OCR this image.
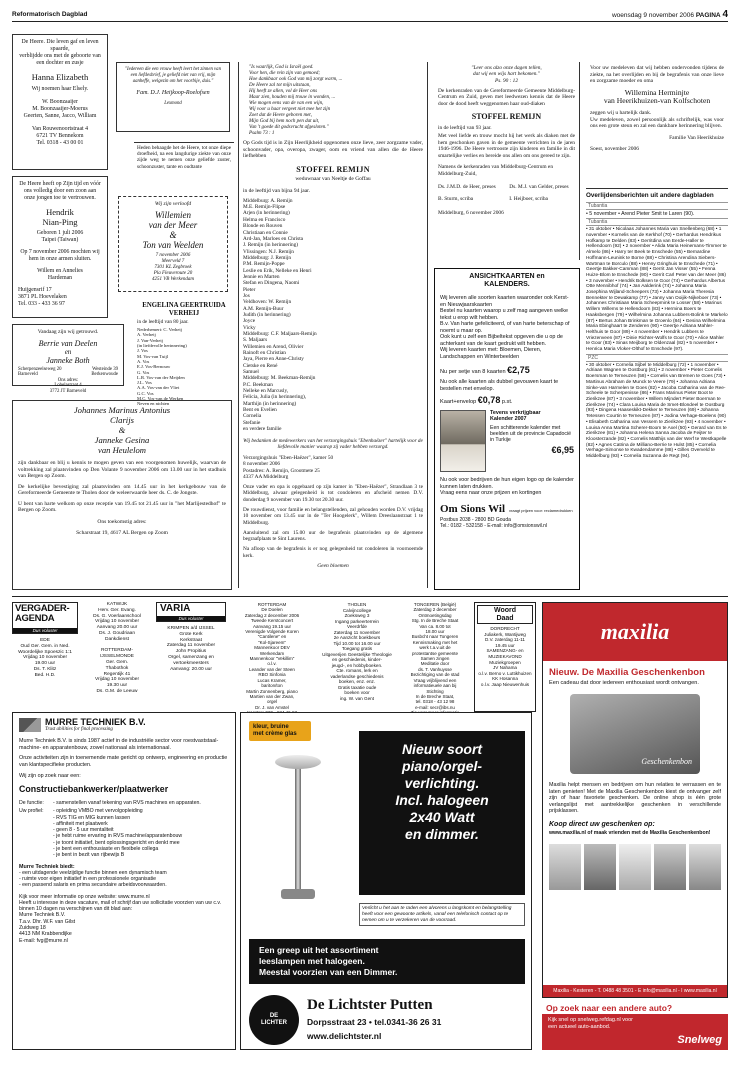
Reformatorisch Dagblad	woensdag 9 november 2006 PAGINA 4
De Heere. Die leven gaf en leven spaarde,
verblijdde ons met de geboorte van
een dochter en zusje
Hanna Elizabeth
Wij noemen haar Elsely.
W. Boonzaaijer
M. Boonzaaijer-Moerus
Geerten, Sanne, Jacco, William
Van Rouwenoortstraat 4
6721 TV Bennekom
Tel. 0318 - 43 00 01
"Iedereen die een vrouw heeft leert het zinnen van een liefdesbrief, je geliefd niet van vrij, mijn aanheffe, welgezin om het voorbije, duis."
Fam. D.J. Heijkoop-Roelofsen
Lexmond
"Is waarlijk, God is Israël goed.
Voor hen, die rein zijn van gemoed;
Hoe dankbaar ook God van mij zorgt warm, ...
De Heere zal tot mijn uitstaan,
Hij heeft ze allen, vol de Heer ons
Maar zien, houden mij trouw in wonden, ...
Wie mogen eens van de van een wijn,
Wij voor u haar vergeet niet mee het zijn
Zoet dat de Heere geboren met,
Mijn God bij hem noch pen dat uit,
Van 't goede dit godsvrucht afgesloten."
Psalm 73 : 1
Op Gods tijd is in Zijn Heerlijkheid opgenomen onze lieve, zeer zorgzame vader, schoonvader, opa, overopa, zwager, oom en vriend van allen die de Heere liefhebben
STOFFEL REMIJN
weduwnaar van Neeltje de Goffau
in de leeftijd van bijna 94 jaar.
Middelburg: A. Remijn
M.E. Remijn-Flipse
Arjen (in herinnering)
Helma en Francisco
Blonde en Rouven
Christiaan en Connie
Ard-Jan, Marloes en Christa
J. Remijn (in herinnering)
Vlissingen: N.J. Remijn
Middelburg: J. Remijn
P.M. Remijn-Poppe
Leslie en Erik, Nelleke en Henri
Jennie en Marten
Stefan en Dingena, Naomi
Pieter
Jos
Veldhoven: W. Remijn
A.M. Remijn-Buur
Judith (in herinnering)
Joyce
Vicky
Middelburg: C.F. Maljaars-Remijn
S. Maljaars
Willemien en Arend, Olivier
Rainoft en Christian
Jaya, Pierre en Anne-Christy
Cietske en René
Samuel
Middelburg: M. Beekman-Remijn
P.C. Beekman
Nelleke en Marcusly,
Felicia, Julia (in herinnering),
Marthijn (in herinnering)
Bent en Evelien
Cornelia
Stefanie
en verdere familie
Wij bedanken de medewerkers van het verzorgingshuis "Ebenhaëzer" hartelijk voor de liefdevolle manier waarop zij vader hebben verzorgd.
Verzorgingshuis "Eben-Haëzer", kamer 50
8 november 2006
Postadres: A. Remijn, Grootmete 25
4337 AA Middelburg
Onze vader en opa is opgebaard op zijn kamer in "Eben-Haëzer", Strandlaan 3 te Middelburg, alwaar gelegenheid is tot condoleren en afscheid nemen D.V. donderdag 9 november van 19.30 tot 20.30 uur.
De rouwdienst, voor familie en belangstellenden, zal gehouden worden D.V. vrijdag 10 november om 13.45 uur in de "Ter Hoogelerk", Willem Dreeslaanstraat 1 te Middelburg.
Aansluitend zal om 15.00 uur de begrafenis plaatsvinden op de algemene begraafplaats te Sint Laurens.
Na afloop van de begrafenis is er nog gelegenheid tot condoleren in voornoemde kerk.
Geen bloemen
"Leer ons alzo onze dagen tellen,
dat wij een wijs hart bekomen."
Ps. 90 : 12
De kerkenraden van de Gereformeerde Gemeente Middelburg-Centrum en Zuid, geven met leedwezen kennis dat de Heere door de dood heeft weggenomen haar oud-diaken
STOFFEL REMIJN
in de leeftijd van 93 jaar.
Met veel liefde en trouw mocht hij het werk als diaken met de hem geschonken gaven in de gemeente verrichten in de jaren 1946-1996. De Heere vertrooste zijn kinderen en familie in dit smartelijke verlies en bereide ons allen om ons gereed te zijn.
Namens de kerkenraden van Middelburg-Centrum en Middelburg-Zuid,
Ds. J.M.D. de Heer, preses	Ds. M.J. van Gelder, preses
B. Sturm, scriba	I. Heijboer, scriba
Middelburg, 6 november 2006
Voor uw medeleven dat wij hebben ondervonden tijdens de ziekte, na het overlijden en bij de begrafenis van onze lieve en zorgzame moeder en oma
Willemina Herminjte
van Heerikhuizen-van Kolfschoten
zeggen wij u hartelijk dank.
Uw medeleven, zowel persoonlijk als schriftelijk, was voor ons een grote steun en zal een dankbare herinnering blijven.
Familie Van Heerikhuize
Soest, november 2006
De Heere heeft op Zijn tijd en vóór ons volledig door een zoon aan onze jongen toe te vertrouwen.
Hendrik
Nian-Ping
Geboren 1 juli 2006
Taipei (Taiwan)
Op 7 november 2006 mochten wij hem in onze armen sluiten.
Willem en Annelies
Hardeman
Huijgensrif 17
3871 PL Hoevelaken
Tel. 033 - 433 36 97
Wij zijn verloofd
Willemien
van der Meer
&
Ton van Weelden
7 november 2006
Meerveld 7
7301 KL Zegbroek
Pla Fleuveroute 20
4251 VB Werkendam
Heden behaagde het de Heere, tot onze diepe droefheid, na een langdurige ziekte van onze zijde weg te nemen onze geliefde zuster, schoonzuster, tante en oudtante
ENGELINA GEERTRUIDA
VERHEIJ
in de leeftijd van 80 jaar.
Nederhemert: C. Verheij
A. Verheij
J. Van-Verheij
(in liefdevolle herinnering)
J. Vos
M. Vos-van Tuijl
A. Vos
E.J. Vos-Bernouw
G. Vos
L.R. Vos-van der Meijden
J.L. Vos
A.A. Vos-van der Vliet
G.C. Vos
M.C. Vos-van de Werken
Neven en nichten
Vandaag zijn wij getrouwd.
Berrie van Deelen
en
Janneke Both
Scherpenzeelseweg 20
Barneveld
Westeinde 39
Berkenwoude
Ons adres:
Lobelastraat 4
3772 JT Barneveld
Johannes Marinus Antonius
Clarijs
&
Janneke Gesina
van Heulelom
zijn dankbaar en blij u kennis te mogen geven van een voorgenomen huwelijk, waarvan de voltrekking zal plaatsvinden op Den Volante 9 november 2006 om 13.00 uur in het stadhuis van Bergen op Zoom.
De kerkelijke bevestiging zal plaatsvinden om 14.45 uur in het kerkgebouw van de Gereformeerde Gemeente te Tholen door de weleerwaarde heer ds. C. de Jongste.
U bent van harte welkom op onze receptie van 19.45 tot 21.45 uur in "het Marlijestedhof" te Bergen op Zoom.
Ons toekomstig adres:
Scharstraat 19, 4617 AL Bergen op Zoom
ANSICHTKAARTEN en
KALENDERS.
Wij leveren alle soorten kaarten waaronder ook Kerst- en Nieuwjaarskaarten
Bestel nu kaarten waarop u zelf mag aangeven welke tekst u erop wilt hebben.
B.v. Van harte gefeliciteerd, of van harte beterschap of noemt u maar op.
Ook kunt u zelf een Bijbeltekst opgeven die u op de achterkant van de kaart gedrukt wilt hebben.
Wij leveren kaarten met: Bloemen, Dieren, Landschappen en Winterbeelden
Nu per setje van 8 kaarten €2,75
Nu ook alle kaarten als dubbel gevouwen kaart te bestellen met envelop.
Kaart+envelop €0,78 p.st.
Tevens verkrijgbaar
Kalender 2007
Een schitterende kalender met beelden uit de provincie Capadocië in Turkije
€6,95
Nu ook voor bedrijven de hun eigen logo op de kalender kunnen laten drukken.
Vraag eens naar onze prijzen en kortingen
Om Sions Wil vraagt prijzen voor: reclamedrukken
Postbus 2038 - 2800 BD Gouda
Tel.: 0182 - 532158 - E-mail: info@omsionswil.nl
Overlijdensberichten uit andere dagbladen
Tubantia
• 5 november • Arend Pieter Smit te Laren (90).
Tubantia
• 31 oktober • Nicolaas Johannes Maria van Snellenberg (68) • 1 november • Kornelis van de Kerkhof (70) • Gerhardus Hendrikus Hofkamp te Delden (83) • Gerritdina van Eerde-Haller te Hellendoorn (92) • 2 november • Alida Maria Heinemans-Timmer te Almelo (86) • Harry ter Beek te Enschede (55) • Bernardine Hoffmann-Leunink te Borne (88) • Christina Arendina Siebers-Wartman te Borculo (88) • Henny Gringhuis te Enschede (71) • Geertje Bakker-Camman (88) • Gerrit Jan Visser (55) • Fenna Huize-Blom te Enschede (90) • Gerrit Carl Peter van der Meer (86) • 3 november • Hendrik Bolksen te Goor (74) • Gerhardus Albertus Otte Mennibhof (74) • Jan Aalderink (74) • Johanna Maria Josephina Wijland-Scheepers (73) • Johanna Maria Theresia Bennekter te Dewakamp (77) • Janny van Ooijik-Nijkeboer (73) • Johannes Christiaan Maria Scheepmink te Losser (58) • Marinus Willem Willems te Hellendoorn (83) • Hermina Boers te Haaksbergen (79) • Wilhelmina Johanna Lubbers-Bolink te Markelo (87) • Bertus Johan Brinkman te Groenlo (84) • Gesina Wilhelmina Maria Ebinghaart te Zenderen (90) • Geertje Adriana Mahler-Helthuis te Goor (89) • 4 november • Hendrik Lubbers te Vriezenveen (87) • Dinie Richter-Wolfs te Goor (70) • Alice Mahler te Goor (83) • Sinas Meijborg te Oldenzaal (82) • 5 november • Henrica Maria Vloker-Olthof te Enschede (97).
PZC
• 30 oktober • Cornelia Sijbel te Middelburg (72) • 1 november • Adriaan Wagnen te Oostburg (61) • 2 november • Pieter Cornelis Boersman te Terneuzen (58) • Cornelis van Bremen te Goes (73) • Martinus Abraham de Munck te Veere (79) • Johanna Adriana Sinke-van Harmelen te Goes (82) • Jacoba Catharina van de Ree-Scheele te Scherpenisse (86) • Frans Marinus Pieter Boot te Zierikzee (87) • 3 november • Willem Mijndert Pieter Boerman te Zierikzee (74) • Clara Louisa Maria de Smet-Blondeel te Oostburg (93) • Dingena Haaseskikt-Dekker te Terneuzen (69) • Johanna Tetessen Courtin te Terneuzen (87) • Jodina Verhage-Boelens (90) • Elisabeth Catharina van Vessem te Zierikzee (93) • 4 november • Louisa Anna Martina Scherer-Boom te Axel (50) • Gerard van Es te Zierikzee (81) • Johanna Helena Sanna Jacoba de Feijter te Kloosterzande (82) • Cornelis Matthijs van der Werf te Westkapelle (82) • Agnes Catrina de Milliano-Berrie te Hulst (85) • Cornelia Verhage-Simonse te Kwadendamme (88) • Gilles Overveld te Middelburg (93) • Cornelia Suzanna de Regt (94).
VERGADER-
AGENDA
Dus voluste!
EDE
Oud Ger. Gem. in Ned.
Woordelijke Spoeszic 1:1
Vrijdag 10 november
19.00 uur
Ds. T. Klitz
Bed. H.D.
KATWIJK
Herv. Ger. Evang.
Ds. G. Voerlaanschool
Vrijdag 10 november
Aanvang 20.00 uur
Ds. J. Goudriaan
Dankdienst

ROTTERDAM-
IJSSELMONDE
Ger. Gem.
Thabothok
Regentijk 41
Vrijdag 10 november
19.30 uur
Ds. G.M. de Leeuw
VARIA
Dus voluste!
KRIMPEN a/d IJSSEL
Grote Kerk
Kerkstraat
Zaterdag 11 november
John Propitius
Orgel, samenzang en
vertoekmeesters
Aanvang: 20.00 uur
ROTTERDAM
De Doelen
Zaterdag 2 december 2006
Tweede Kerstconcert
Aanvang 19.15 uur
Verenigde Volgende Koren
"Cantilene" en
"Kol-Sjareem"
Mannenkoor DEV
Werkendam
Mannenkoor "Vekillim"
o.l.v.
Leander van der Steen
RBO Sinfonia
Lucas Kramer,
bariton/ton
Martin Zonnenberg, piano
Martien van der Zwan,
orgel
Dr. J. van Amstel

THOLEN
Calvijncollege
Zoeksweg 3
Ingang parkeerterrein
Veerdrfde
Zaterdag 11 november
2e Aanzicht boekbeurs
Tijd 10.00 tot 16.00 uur
Toegang gratis
Uitgeverijen Geestelijke Theologie
en geschiedenis, kinder-
jeugd-, en hobbyboeken.
Cte. romans, lerk en
vaderlandse geschiedenis
boeken, enz. enz.
Gratis taxatie oude
boeken voor
ing. W. van Gent
TONGEREN (België)
Zaterdag 2 december
Ontmoetingsdag
Stg. In de Breche Staat
Van ca. 8.00 tot
18.00 uur
Busbcht naar Tongeren
Kennismaking met het
werk t.a.v.uit de
protestantse gemeente
Samen zingen
Meditatie door
ds. T. Vanhuysse
Bezichtiging van de stad
Vraag vrijblijvend een
informatieuele aan bij
Stichting
In de Breche Staat,
tel. 0318 - 43 12 98
e-mail: secr@ibs.nu

Woord
Daad
DORDRECHT
Juliakerk, Wantijweg
D.V. zaterdag 11-11
19.45 uur
SAMENZANG- en
MUZIEKAVOND
Muziekgroepen
JV Nahama
o.l.v. Berno v. Luttikhuizen
KK Hosanna
o.l.v. Jaap Nieuwenhuis
MURRE TECHNIEK B.V.
Trust abilities for final processing
Murre Techniek B.V. is sinds 1987 actief in de industriële sector voor roestvaststaal-machine- en apparatenbouw, zowel nationaal als internationaal.
Onze activiteiten zijn in toenemende mate gericht op ontwerp, engineering en productie van klantspecifieke producten.
Wij zijn op zoek naar een:
Constructiebankwerker/plaatwerker
De functie:	- samenstellen vanaf tekening van RVS machines en apparaten.
Uw profiel:	- opleiding VMBO met vervolgopleiding
- RVS TIG en MIG kunnen lassen
- affiniteit met plaatwerk
- geen 8 - 5 uur mentaliteit
- je hebt ruime ervaring in RVS machine/apparatenbouw
- je toont initiatief, bent oplossingsgericht en denkt mee
- je bent een enthousiaste en flexibele collega
- je bent in bezit van rijbewijs B
Murre Techniek biedt:
- een uitdagende veelzijdige functie binnen een dynamisch team
- ruimte voor eigen initiatief in een professionele organisatie
- een passend salaris en prima secundaire arbeidsvoorwaarden.
Kijk voor meer informatie op onze website: www.murre.nl
Heeft u interesse in deze vacature, mail of schrijf dan uw sollicitatie voorzien van uw c.v. binnen 10 dagen na verschijnen van dit blad aan:
Murre Techniek B.V.
T.a.v. Dhr. W.F. van Gilst
Zuidweg 18
4413 NM Krabbendijke
E-mail: fvg@murre.nl
kleur, bruine
met crème glas
Nieuw soort
piano/orgel-
verlichting.
Incl. halogeen
2x40 Watt
en dimmer.
Verlicht u het aan te raden een alvorens u langskomt en belangstelling heeft voor een gewoonte artikels, vanaf een telefonisch contact op te nemen om u te verzekeren van de voorraad.
Een greep uit het assortiment
leeslampen met halogeen.
Meestal voorzien van een Dimmer.
DE
LICHTER
De Lichtster Putten
Dorpsstraat 23 • tel.0341-36 26 31
www.delichtster.nl
maxilia
Nieuw. De Maxilia Geschenkenbon
Een cadeau dat door iedereen enthousiast wordt ontvangen.
Geschenkenbon
Maxilia helpt mensen en bedrijven om hun relaties te verrassen en te laten genieten! Met de Maxilia Geschenkenbon kiest de ontvanger zelf zijn of haar favoriete geschenken. De online shop is één grote verlangslijst met aantrekkelijke geschenken in verschillende prijsklassen.
Koop direct uw geschenken op:
www.maxilia.nl of maak vrienden met de Maxilia Geschenkenbon!
Maxilia - Kesteren - T. 0488 48 3501 - E info@maxilia.nl - I www.maxilia.nl
Op zoek naar een andere auto?
Kijk snel op snelweg.refdag.nl voor
een actueel auto-aanbod.
Snelweg
